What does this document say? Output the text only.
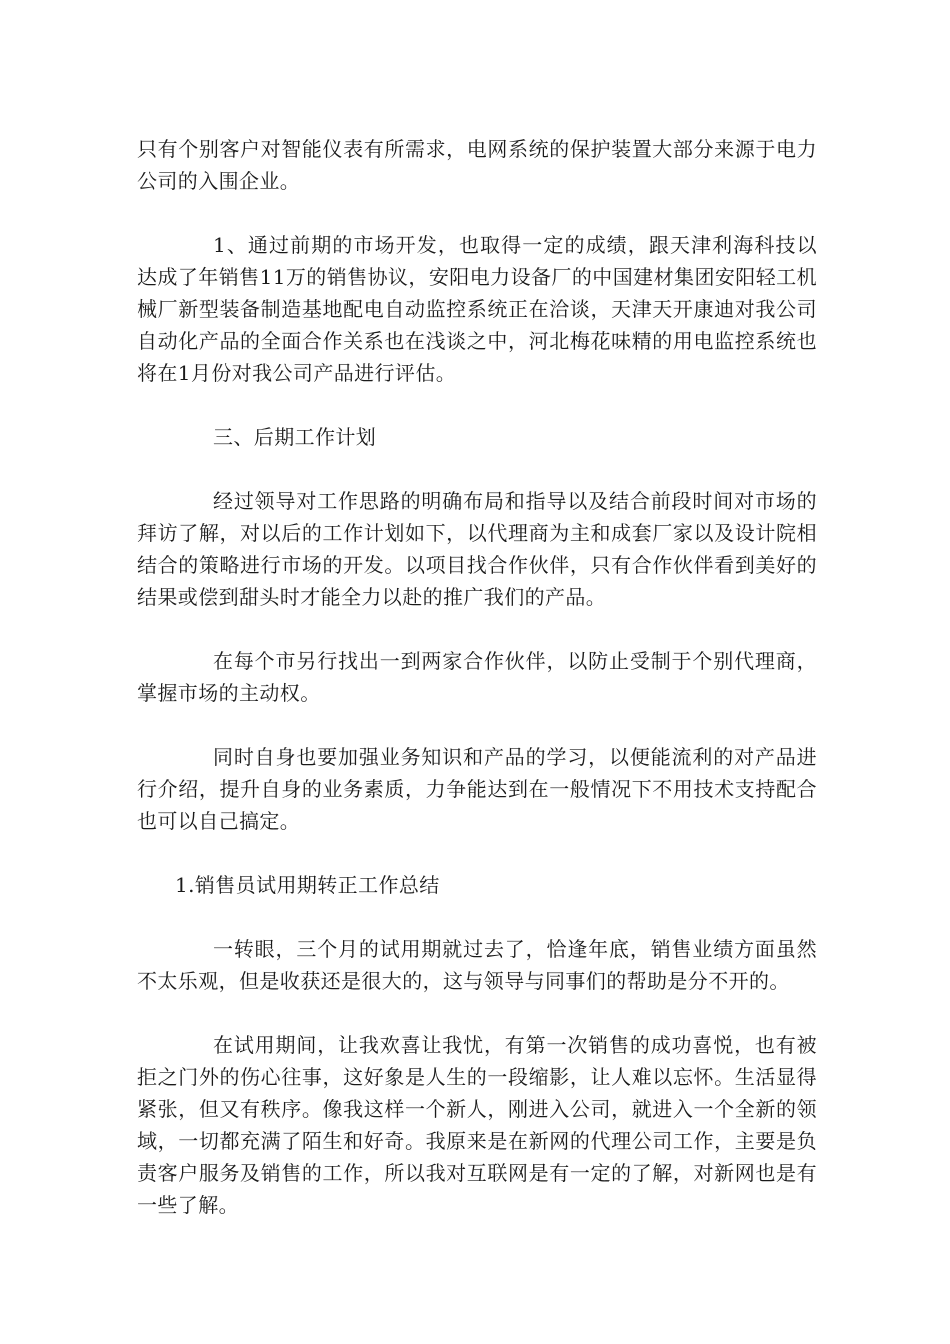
只有个别客户对智能仪表有所需求，电网系统的保护装置大部分来源于电力公司的入围企业。

1、通过前期的市场开发，也取得一定的成绩，跟天津利海科技以达成了年销售11万的销售协议，安阳电力设备厂的中国建材集团安阳轻工机械厂新型装备制造基地配电自动监控系统正在洽谈，天津天开康迪对我公司自动化产品的全面合作关系也在浅谈之中，河北梅花味精的用电监控系统也将在1月份对我公司产品进行评估。

三、后期工作计划

经过领导对工作思路的明确布局和指导以及结合前段时间对市场的拜访了解，对以后的工作计划如下，以代理商为主和成套厂家以及设计院相结合的策略进行市场的开发。以项目找合作伙伴，只有合作伙伴看到美好的结果或偿到甜头时才能全力以赴的推广我们的产品。

在每个市另行找出一到两家合作伙伴，以防止受制于个别代理商，掌握市场的主动权。

同时自身也要加强业务知识和产品的学习，以便能流利的对产品进行介绍，提升自身的业务素质，力争能达到在一般情况下不用技术支持配合也可以自己搞定。

1.销售员试用期转正工作总结

一转眼，三个月的试用期就过去了，恰逢年底，销售业绩方面虽然不太乐观，但是收获还是很大的，这与领导与同事们的帮助是分不开的。

在试用期间，让我欢喜让我忧，有第一次销售的成功喜悦，也有被拒之门外的伤心往事，这好象是人生的一段缩影，让人难以忘怀。生活显得紧张，但又有秩序。像我这样一个新人，刚进入公司，就进入一个全新的领域，一切都充满了陌生和好奇。我原来是在新网的代理公司工作，主要是负责客户服务及销售的工作，所以我对互联网是有一定的了解，对新网也是有一些了解。
